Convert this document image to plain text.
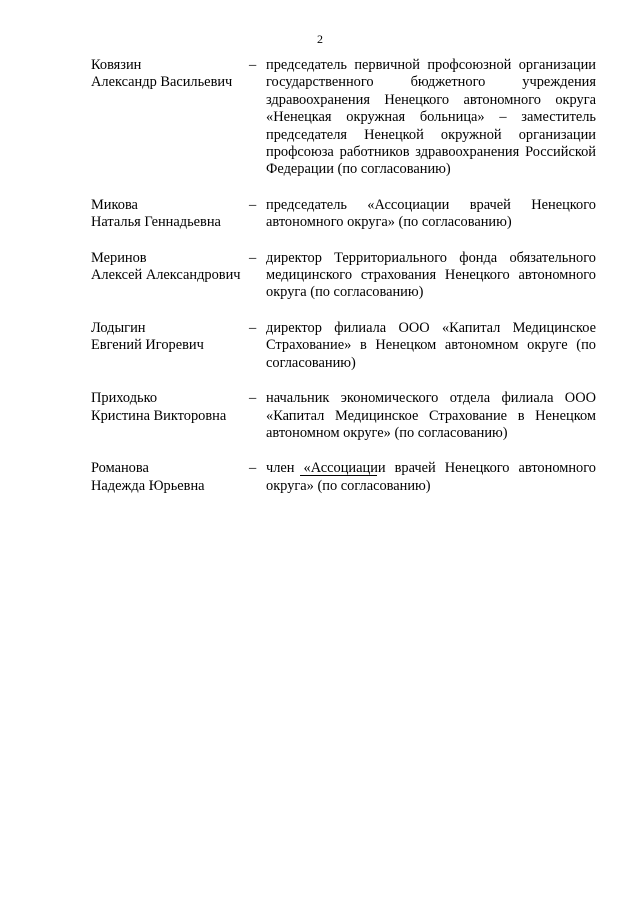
2
Ковязин
Александр Васильевич
– председатель первичной профсоюзной организации государственного бюджетного учреждения здравоохранения Ненецкого автономного округа «Ненецкая окружная больница» – заместитель председателя Ненецкой окружной организации профсоюза работников здравоохранения Российской Федерации (по согласованию)
Микова
Наталья Геннадьевна
– председатель «Ассоциации врачей Ненецкого автономного округа» (по согласованию)
Меринов
Алексей Александрович
– директор Территориального фонда обязательного медицинского страхования Ненецкого автономного округа (по согласованию)
Лодыгин
Евгений Игоревич
– директор филиала ООО «Капитал Медицинское Страхование» в Ненецком автономном округе (по согласованию)
Приходько
Кристина Викторовна
– начальник экономического отдела филиала ООО «Капитал Медицинское Страхование в Ненецком автономном округе» (по согласованию)
Романова
Надежда Юрьевна
– член «Ассоциации врачей Ненецкого автономного округа» (по согласованию)
